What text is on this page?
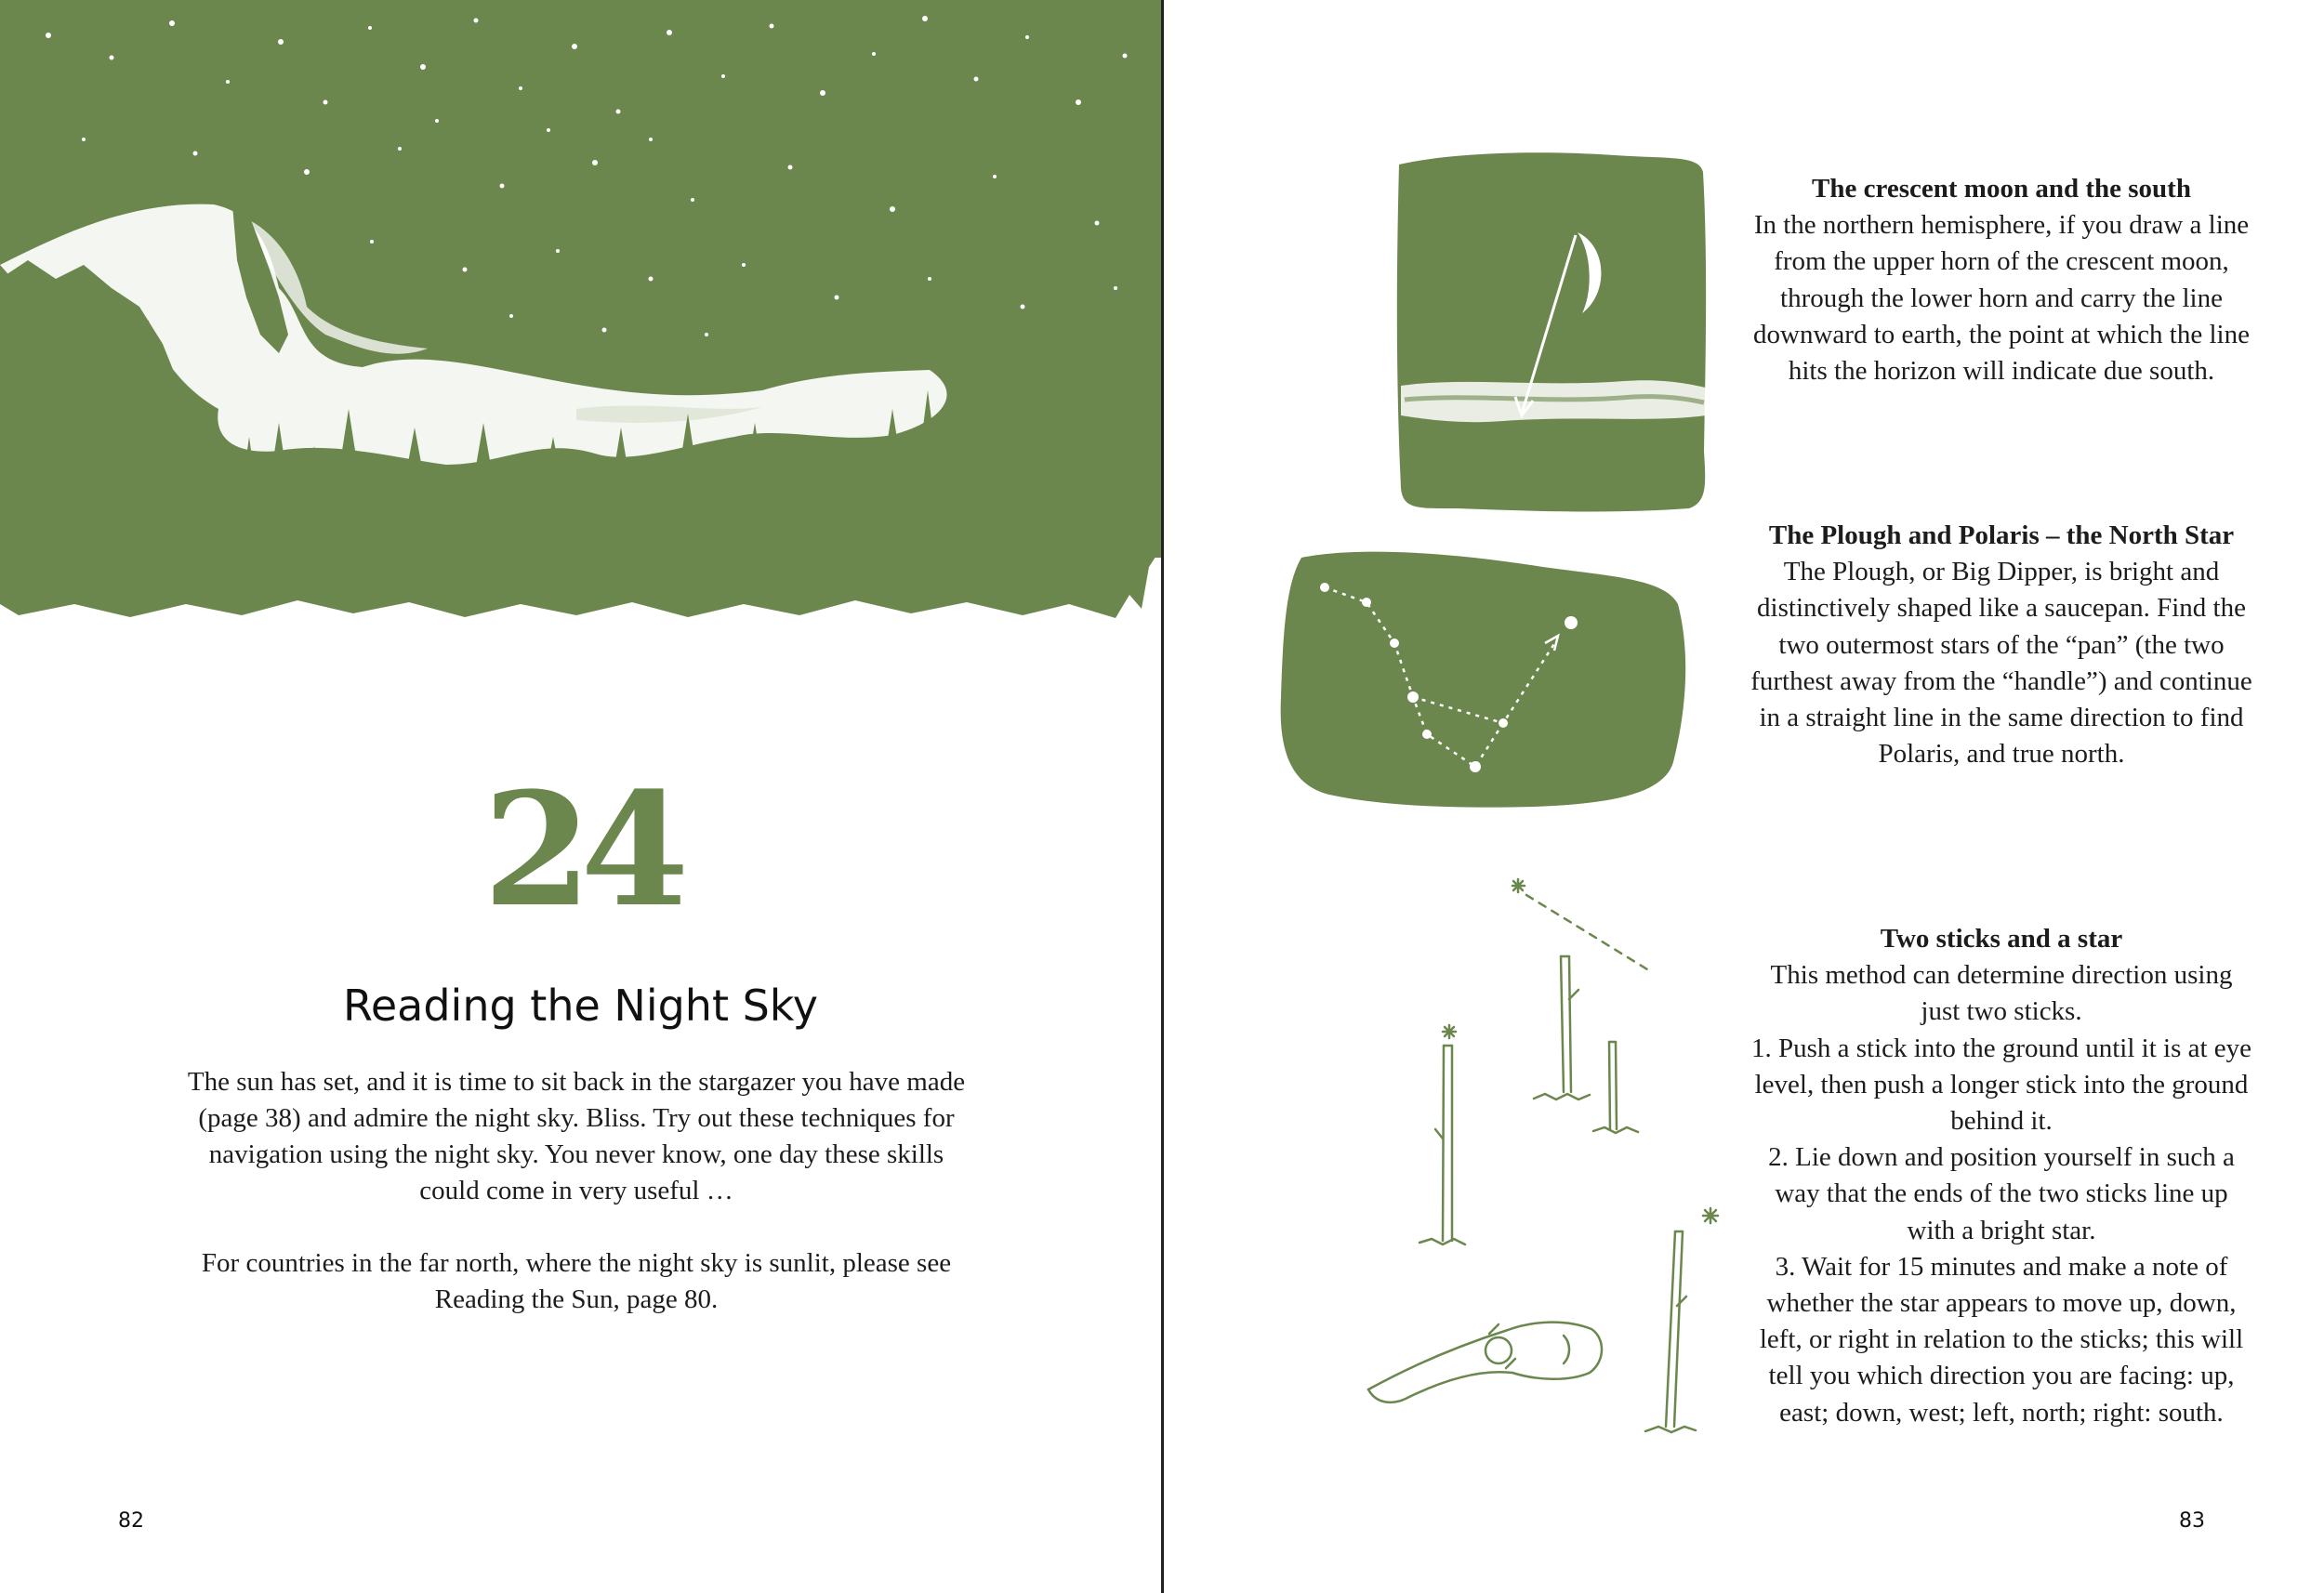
24
Reading the Night Sky

The sun has set, and it is time to sit back in the stargazer you have made (page 38) and admire the night sky. Bliss. Try out these techniques for navigation using the night sky. You never know, one day these skills could come in very useful …

For countries in the far north, where the night sky is sunlit, please see Reading the Sun, page 80.

82
The crescent moon and the south

In the northern hemisphere, if you draw a line from the upper horn of the crescent moon, through the lower horn and carry the line downward to earth, the point at which the line hits the horizon will indicate due south.

The Plough and Polaris – the North Star

The Plough, or Big Dipper, is bright and distinctively shaped like a saucepan. Find the two outermost stars of the “pan” (the two furthest away from the “handle”) and continue in a straight line in the same direction to find Polaris, and true north.

Two sticks and a star

This method can determine direction using just two sticks.

1. Push a stick into the ground until it is at eye level, then push a longer stick into the ground behind it.

2. Lie down and position yourself in such a way that the ends of the two sticks line up with a bright star.

3. Wait for 15 minutes and make a note of whether the star appears to move up, down, left, or right in relation to the sticks; this will tell you which direction you are facing: up, east; down, west; left, north; right: south.

83
